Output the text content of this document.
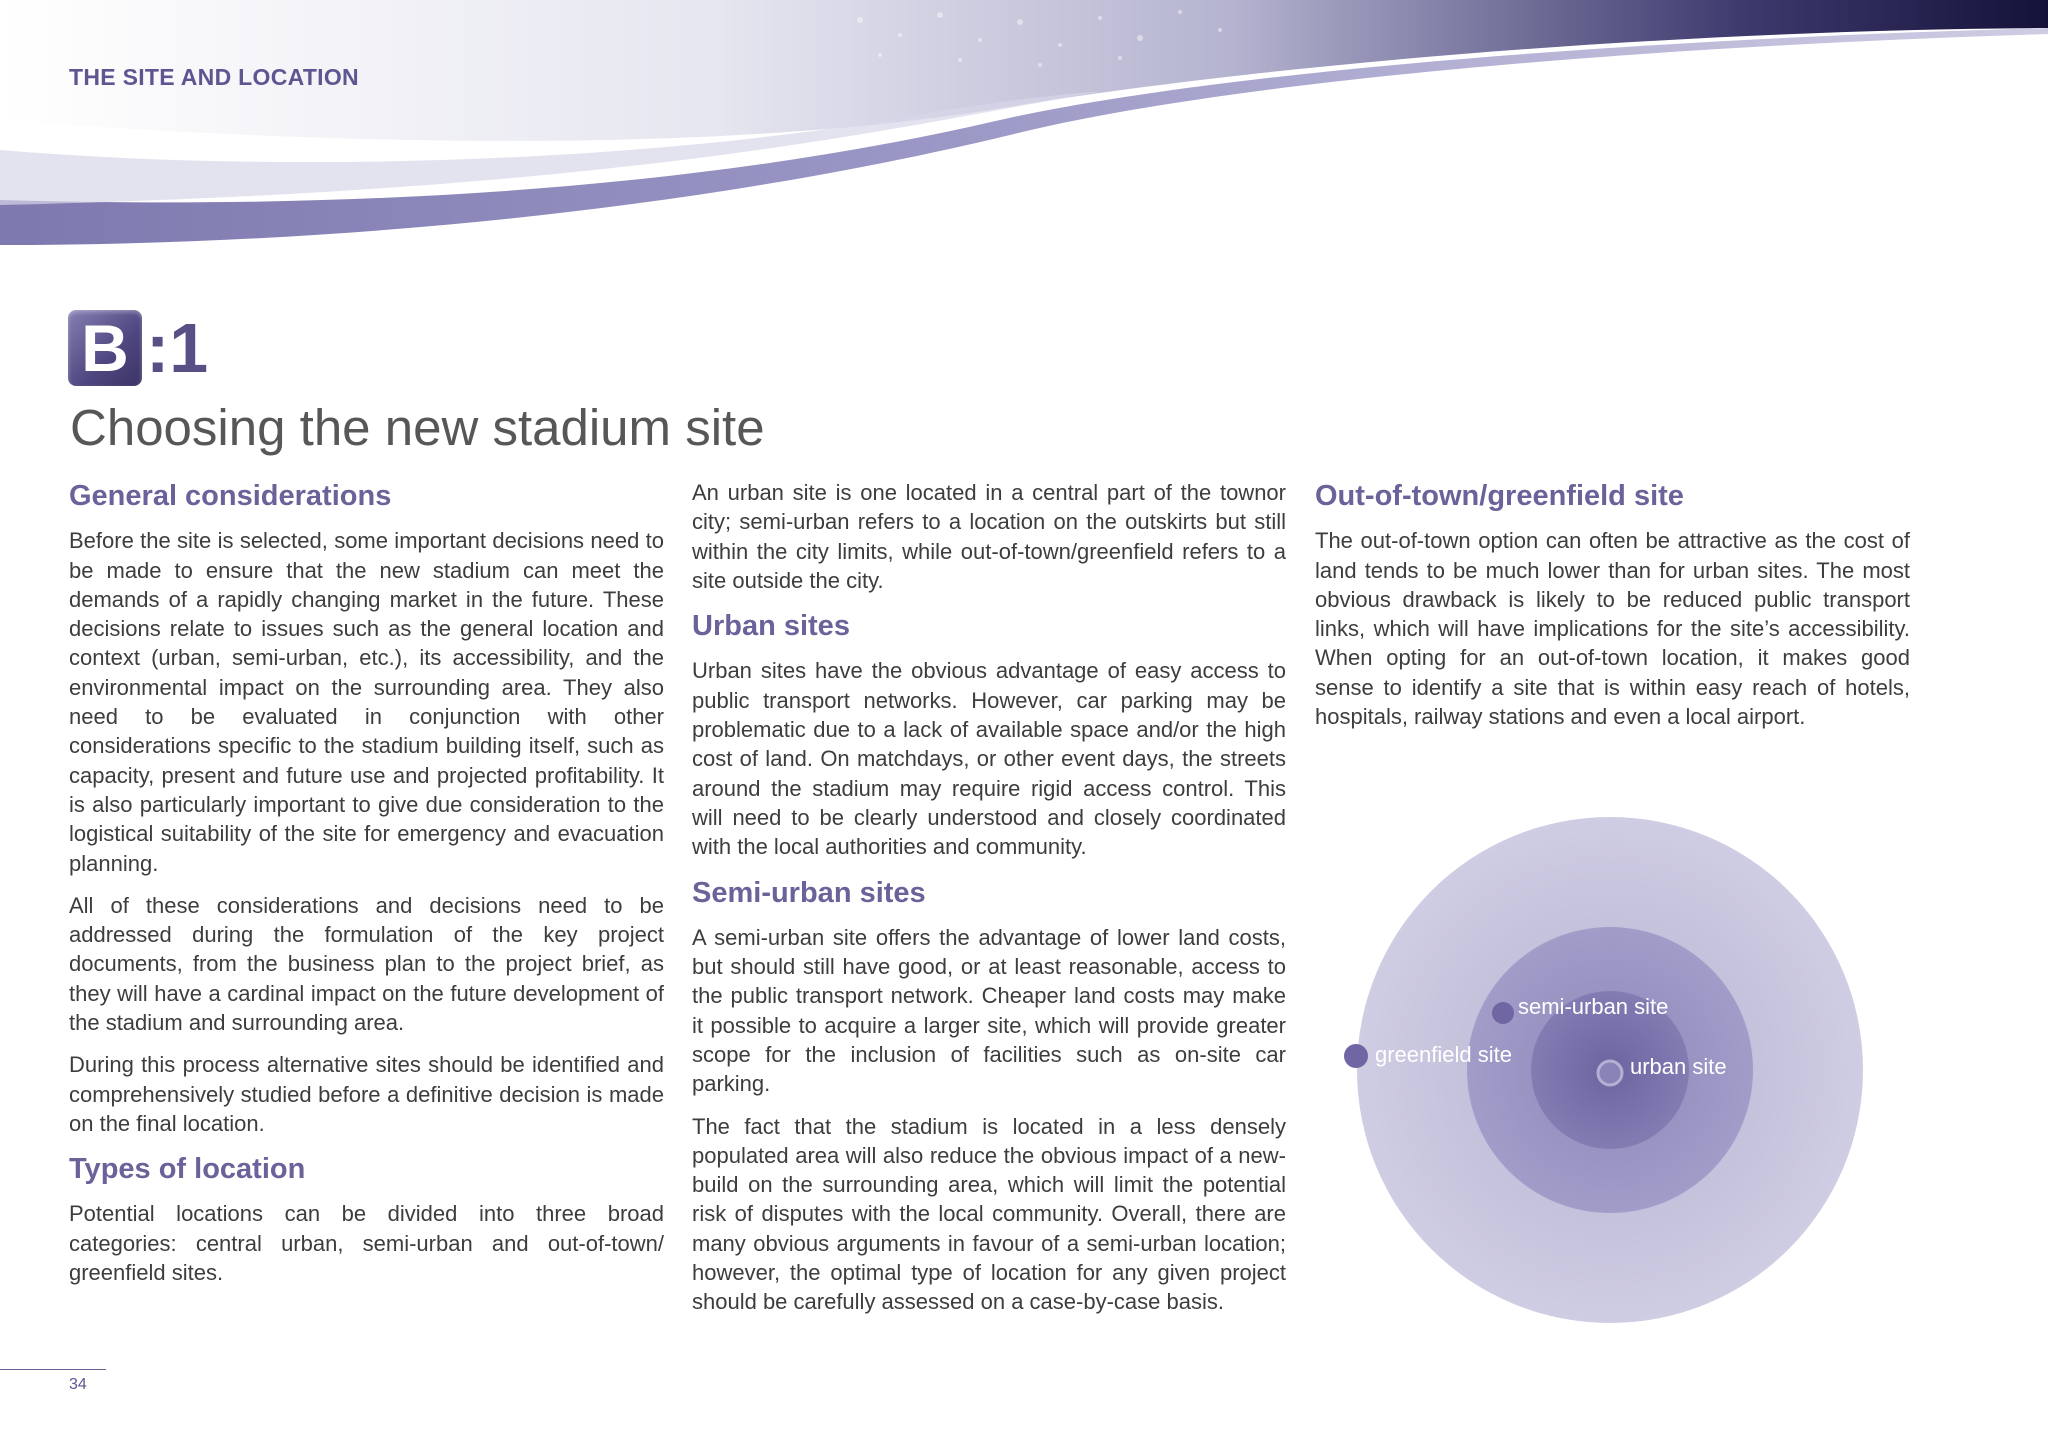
THE SITE AND LOCATION
B :1
Choosing the new stadium site
General considerations

Before the site is selected, some important decisions need to be made to ensure that the new stadium can meet the demands of a rapidly changing market in the future. These decisions relate to issues such as the general location and context (urban, semi-urban, etc.), its accessibility, and the environmental impact on the surrounding area. They also need to be evaluated in conjunction with other considerations specific to the stadium building itself, such as capacity, present and future use and projected profitability. It is also particularly important to give due consideration to the logistical suitability of the site for emergency and evacuation planning.

All of these considerations and decisions need to be addressed during the formulation of the key project documents, from the business plan to the project brief, as they will have a cardinal impact on the future development of the stadium and surrounding area.

During this process alternative sites should be identified and comprehensively studied before a definitive decision is made on the final location.

Types of location

Potential locations can be divided into three broad categories: central urban, semi-urban and out-of-town/ greenfield sites.

An urban site is one located in a central part of the townor city; semi-urban refers to a location on the outskirts but still within the city limits, while out-of-town/greenfield refers to a site outside the city.

Urban sites

Urban sites have the obvious advantage of easy access to public transport networks. However, car parking may be problematic due to a lack of available space and/or the high cost of land. On matchdays, or other event days, the streets around the stadium may require rigid access control. This will need to be clearly understood and closely coordinated with the local authorities and community.

Semi-urban sites

A semi-urban site offers the advantage of lower land costs, but should still have good, or at least reasonable, access to the public transport network. Cheaper land costs may make it possible to acquire a larger site, which will provide greater scope for the inclusion of facilities such as on-site car parking.

The fact that the stadium is located in a less densely populated area will also reduce the obvious impact of a new-build on the surrounding area, which will limit the potential risk of disputes with the local community. Overall, there are many obvious arguments in favour of a semi-urban location; however, the optimal type of location for any given project should be carefully assessed on a case-by-case basis.

Out-of-town/greenfield site

The out-of-town option can often be attractive as the cost of land tends to be much lower than for urban sites. The most obvious drawback is likely to be reduced public transport links, which will have implications for the site’s accessibility. When opting for an out-of-town location, it makes good sense to identify a site that is within easy reach of hotels, hospitals, railway stations and even a local airport.

greenfield site
semi-urban site
urban site
34
